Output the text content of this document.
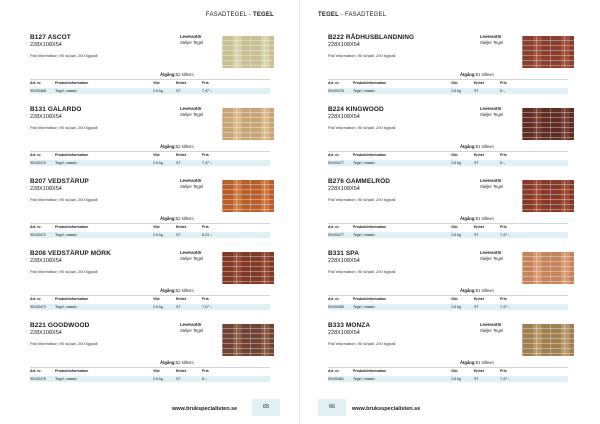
FASADTEGEL - TEGEL
B127 ASCOT
228X108X54
Pall information: 90 st/pall, 200 kg/pall
Leverantör
Steljer Tegel
Åtgång:51 st/kvm
Art. nr.	Produktinformation	Vikt	Enhet	Pris
99100468	Tegel, massiv	2,5 kg	ST	7,47 :-
B131 GALARDO
228X108X54
Pall information: 90 st/pall, 200 kg/pall
Leverantör
Steljer Tegel
Åtgång:51 st/kvm
Art. nr.	Produktinformation	Vikt	Enhet	Pris
99100470	Tegel, massiv	2,5 kg	ST	7,47 :-
B207 VEDSTÄRUP
228X108X54
Pall information: 90 st/pall, 200 kg/pall
Leverantör
Steljer Tegel
Åtgång:51 st/kvm
Art. nr.	Produktinformation	Vikt	Enhet	Pris
99100472	Tegel, massiv	2,5 kg	ST	6,23 :-
B208 VEDSTÄRUP MÖRK
228X108X54
Pall information: 90 st/pall, 200 kg/pall
Leverantör
Steljer Tegel
Åtgång:51 st/kvm
Art. nr.	Produktinformation	Vikt	Enhet	Pris
99100473	Tegel, massiv	2,5 kg	ST	7,07 :-
B221 GOODWOOD
228X108X54
Pall information: 90 st/pall, 200 kg/pall
Leverantör
Steljer Tegel
Åtgång:51 st/kvm
Art. nr.	Produktinformation	Vikt	Enhet	Pris
99100475	Tegel, massiv	2,5 kg	ST	8 :-
www.brukspecialisten.se	65
TEGEL - FASADTEGEL
B222 RÅDHUSBLANDNING
228X108X54
Pall information: 90 st/pall, 200 kg/pall
Leverantör
Steljer Tegel
Åtgång:51 st/kvm
Art. nr.	Produktinformation	Vikt	Enhet	Pris
99100476	Tegel, massiv	2,5 kg	ST	8 :-
B224 KINGWOOD
228X108X54
Pall information: 90 st/pall, 200 kg/pall
Leverantör
Steljer Tegel
Åtgång:51 st/kvm
Art. nr.	Produktinformation	Vikt	Enhet	Pris
99100477	Tegel, massiv	2,5 kg	ST	8 :-
B276 GAMMELRÖD
228X108X54
Pall information: 90 st/pall, 200 kg/pall
Leverantör
Steljer Tegel
Åtgång:51 st/kvm
Art. nr.	Produktinformation	Vikt	Enhet	Pris
99100477	Tegel, massiv	2,5 kg	ST	7,47 :-
B331 SPA
228X108X54
Pall information: 90 st/pall, 200 kg/pall
Leverantör
Steljer Tegel
Åtgång:51 st/kvm
Art. nr.	Produktinformation	Vikt	Enhet	Pris
99100480	Tegel, massiv	2,5 kg	ST	7,47 :-
B333 MONZA
228X108X54
Pall information: 90 st/pall, 200 kg/pall
Leverantör
Steljer Tegel
Åtgång:51 st/kvm
Art. nr.	Produktinformation	Vikt	Enhet	Pris
99100481	Tegel, massiv	2,5 kg	ST	7,47 :-
66	www.bruksspecialisten.se
